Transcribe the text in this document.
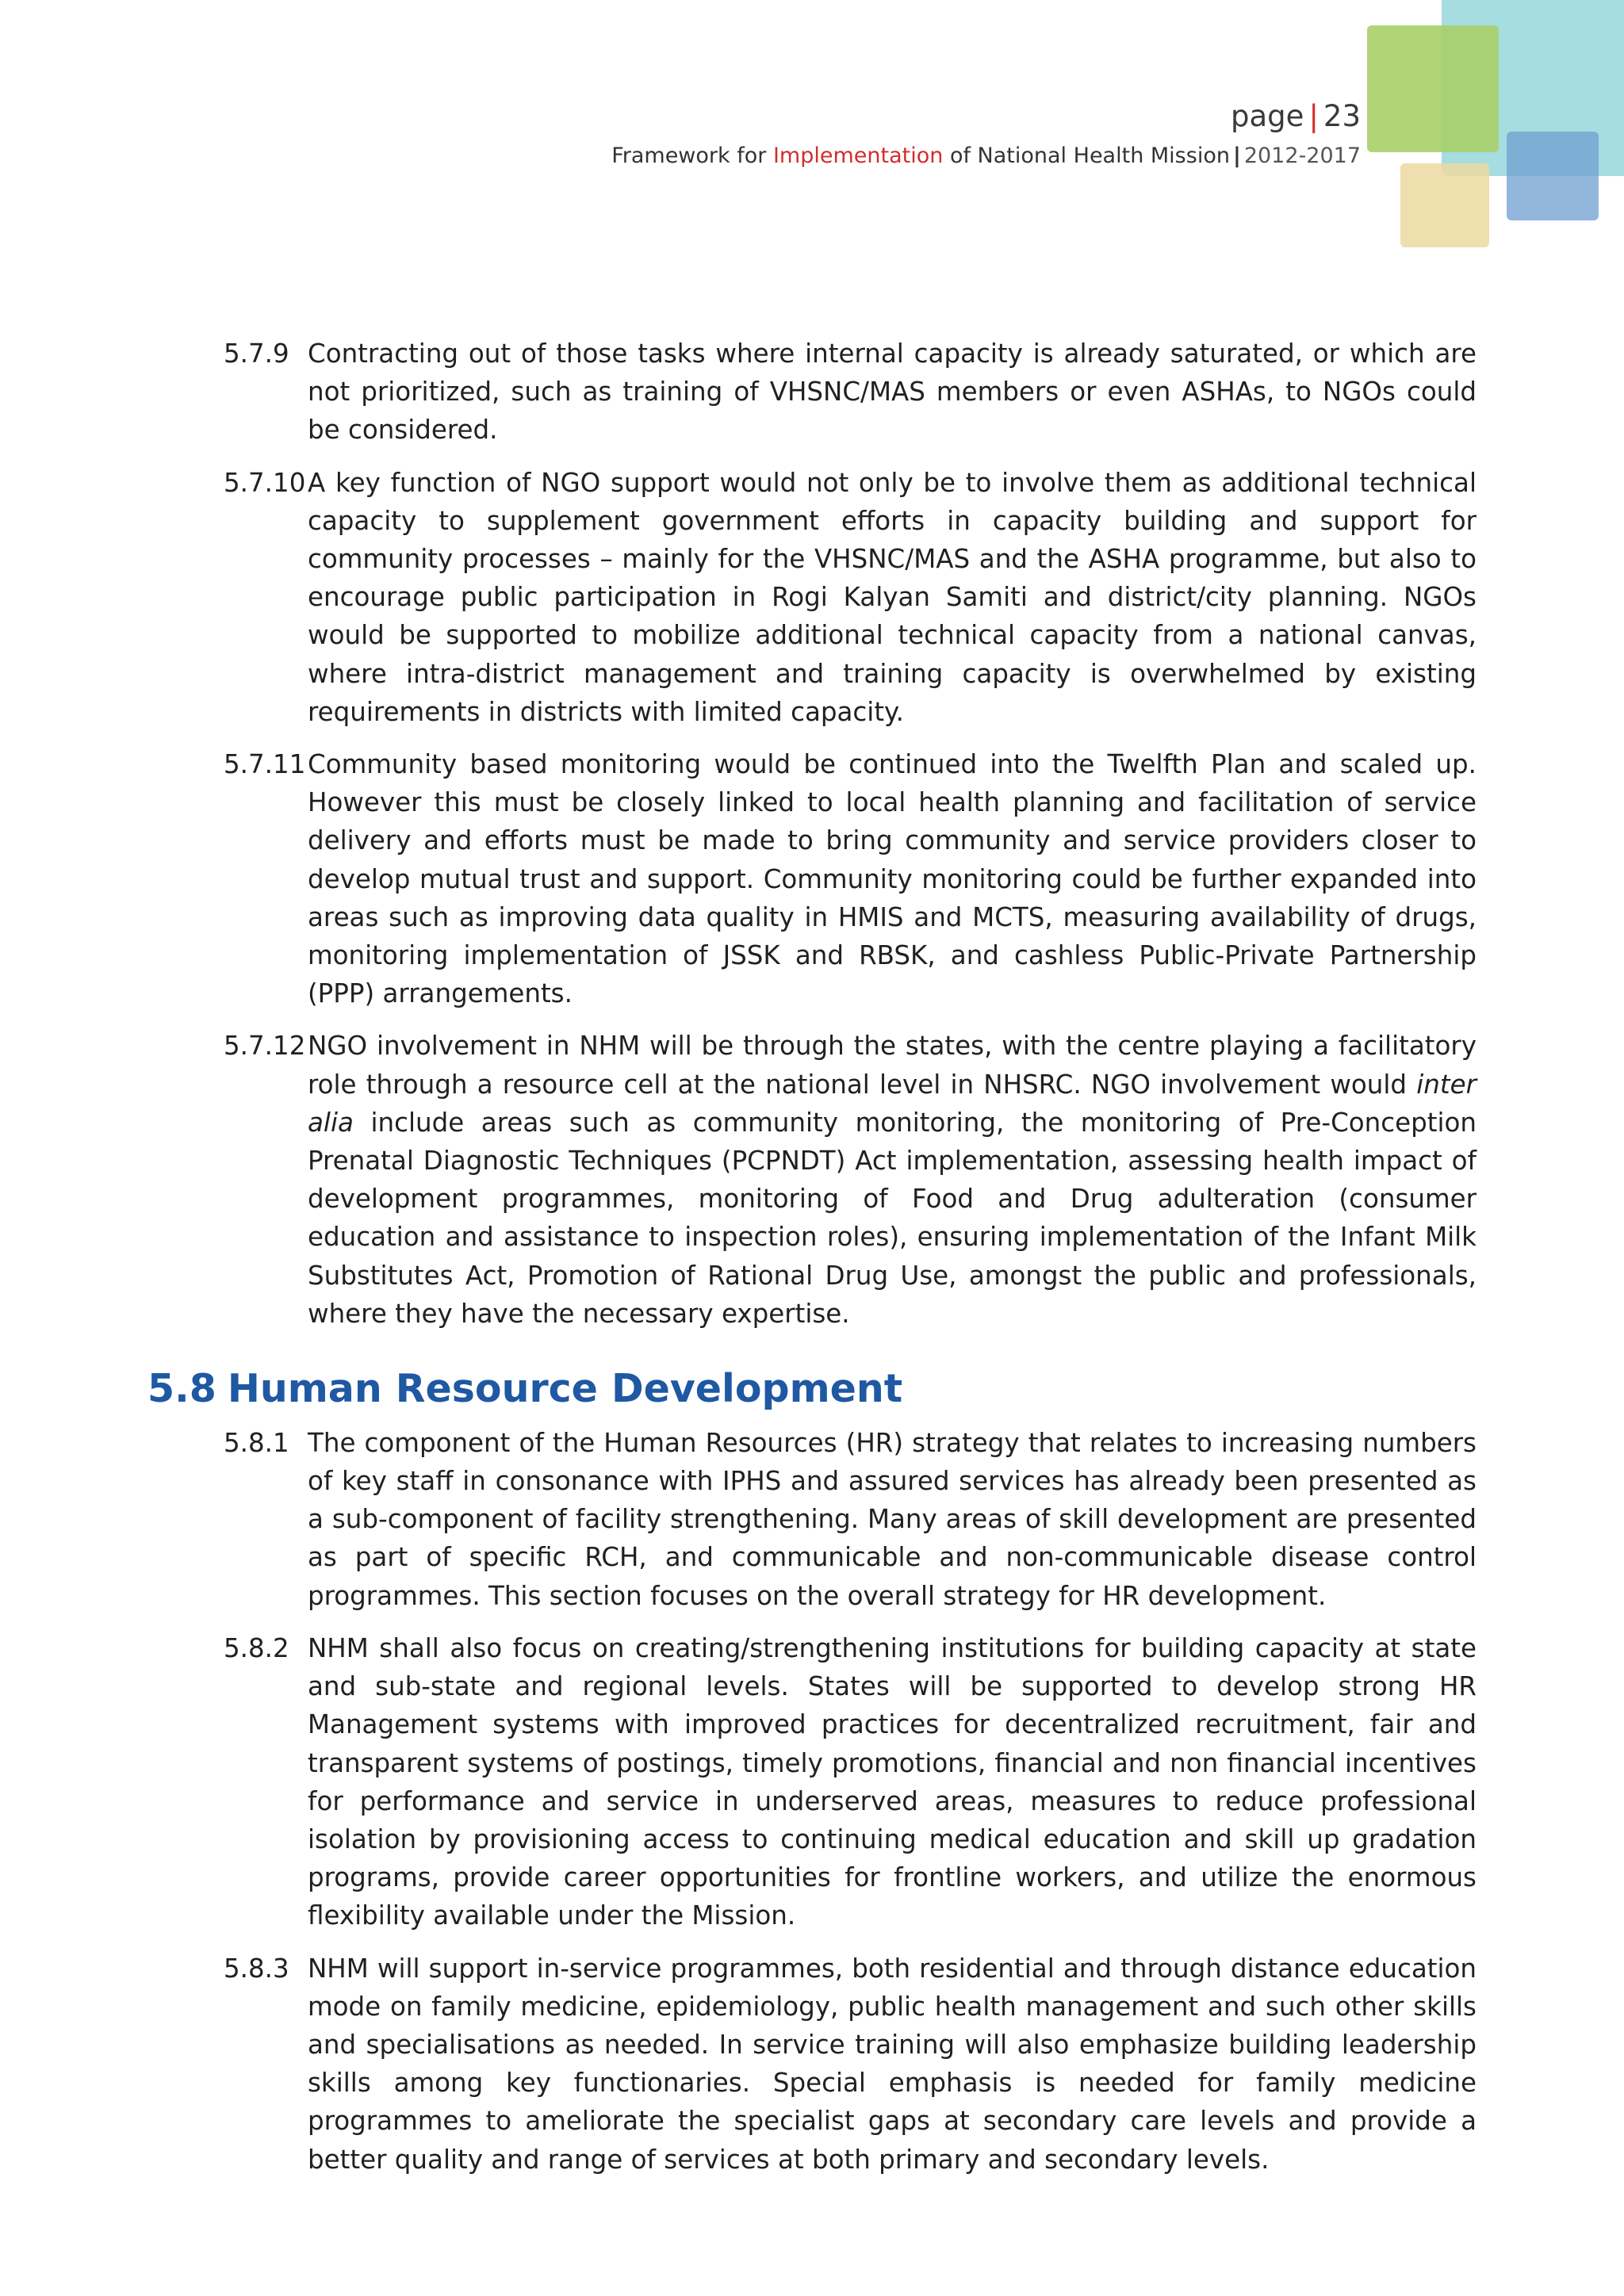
page | 23
Framework for Implementation of National Health Mission | 2012-2017
5.7.9 Contracting out of those tasks where internal capacity is already saturated, or which are not prioritized, such as training of VHSNC/MAS members or even ASHAs, to NGOs could be considered.
5.7.10 A key function of NGO support would not only be to involve them as additional technical capacity to supplement government efforts in capacity building and support for community processes – mainly for the VHSNC/MAS and the ASHA programme, but also to encourage public participation in Rogi Kalyan Samiti and district/city planning. NGOs would be supported to mobilize additional technical capacity from a national canvas, where intra-district management and training capacity is overwhelmed by existing requirements in districts with limited capacity.
5.7.11 Community based monitoring would be continued into the Twelfth Plan and scaled up. However this must be closely linked to local health planning and facilitation of service delivery and efforts must be made to bring community and service providers closer to develop mutual trust and support. Community monitoring could be further expanded into areas such as improving data quality in HMIS and MCTS, measuring availability of drugs, monitoring implementation of JSSK and RBSK, and cashless Public-Private Partnership (PPP) arrangements.
5.7.12 NGO involvement in NHM will be through the states, with the centre playing a facilitatory role through a resource cell at the national level in NHSRC. NGO involvement would inter alia include areas such as community monitoring, the monitoring of Pre-Conception Prenatal Diagnostic Techniques (PCPNDT) Act implementation, assessing health impact of development programmes, monitoring of Food and Drug adulteration (consumer education and assistance to inspection roles), ensuring implementation of the Infant Milk Substitutes Act, Promotion of Rational Drug Use, amongst the public and professionals, where they have the necessary expertise.
5.8 Human Resource Development
5.8.1 The component of the Human Resources (HR) strategy that relates to increasing numbers of key staff in consonance with IPHS and assured services has already been presented as a sub-component of facility strengthening. Many areas of skill development are presented as part of specific RCH, and communicable and non-communicable disease control programmes. This section focuses on the overall strategy for HR development.
5.8.2 NHM shall also focus on creating/strengthening institutions for building capacity at state and sub-state and regional levels. States will be supported to develop strong HR Management systems with improved practices for decentralized recruitment, fair and transparent systems of postings, timely promotions, financial and non financial incentives for performance and service in underserved areas, measures to reduce professional isolation by provisioning access to continuing medical education and skill up gradation programs, provide career opportunities for frontline workers, and utilize the enormous flexibility available under the Mission.
5.8.3 NHM will support in-service programmes, both residential and through distance education mode on family medicine, epidemiology, public health management and such other skills and specialisations as needed. In service training will also emphasize building leadership skills among key functionaries. Special emphasis is needed for family medicine programmes to ameliorate the specialist gaps at secondary care levels and provide a better quality and range of services at both primary and secondary levels.
